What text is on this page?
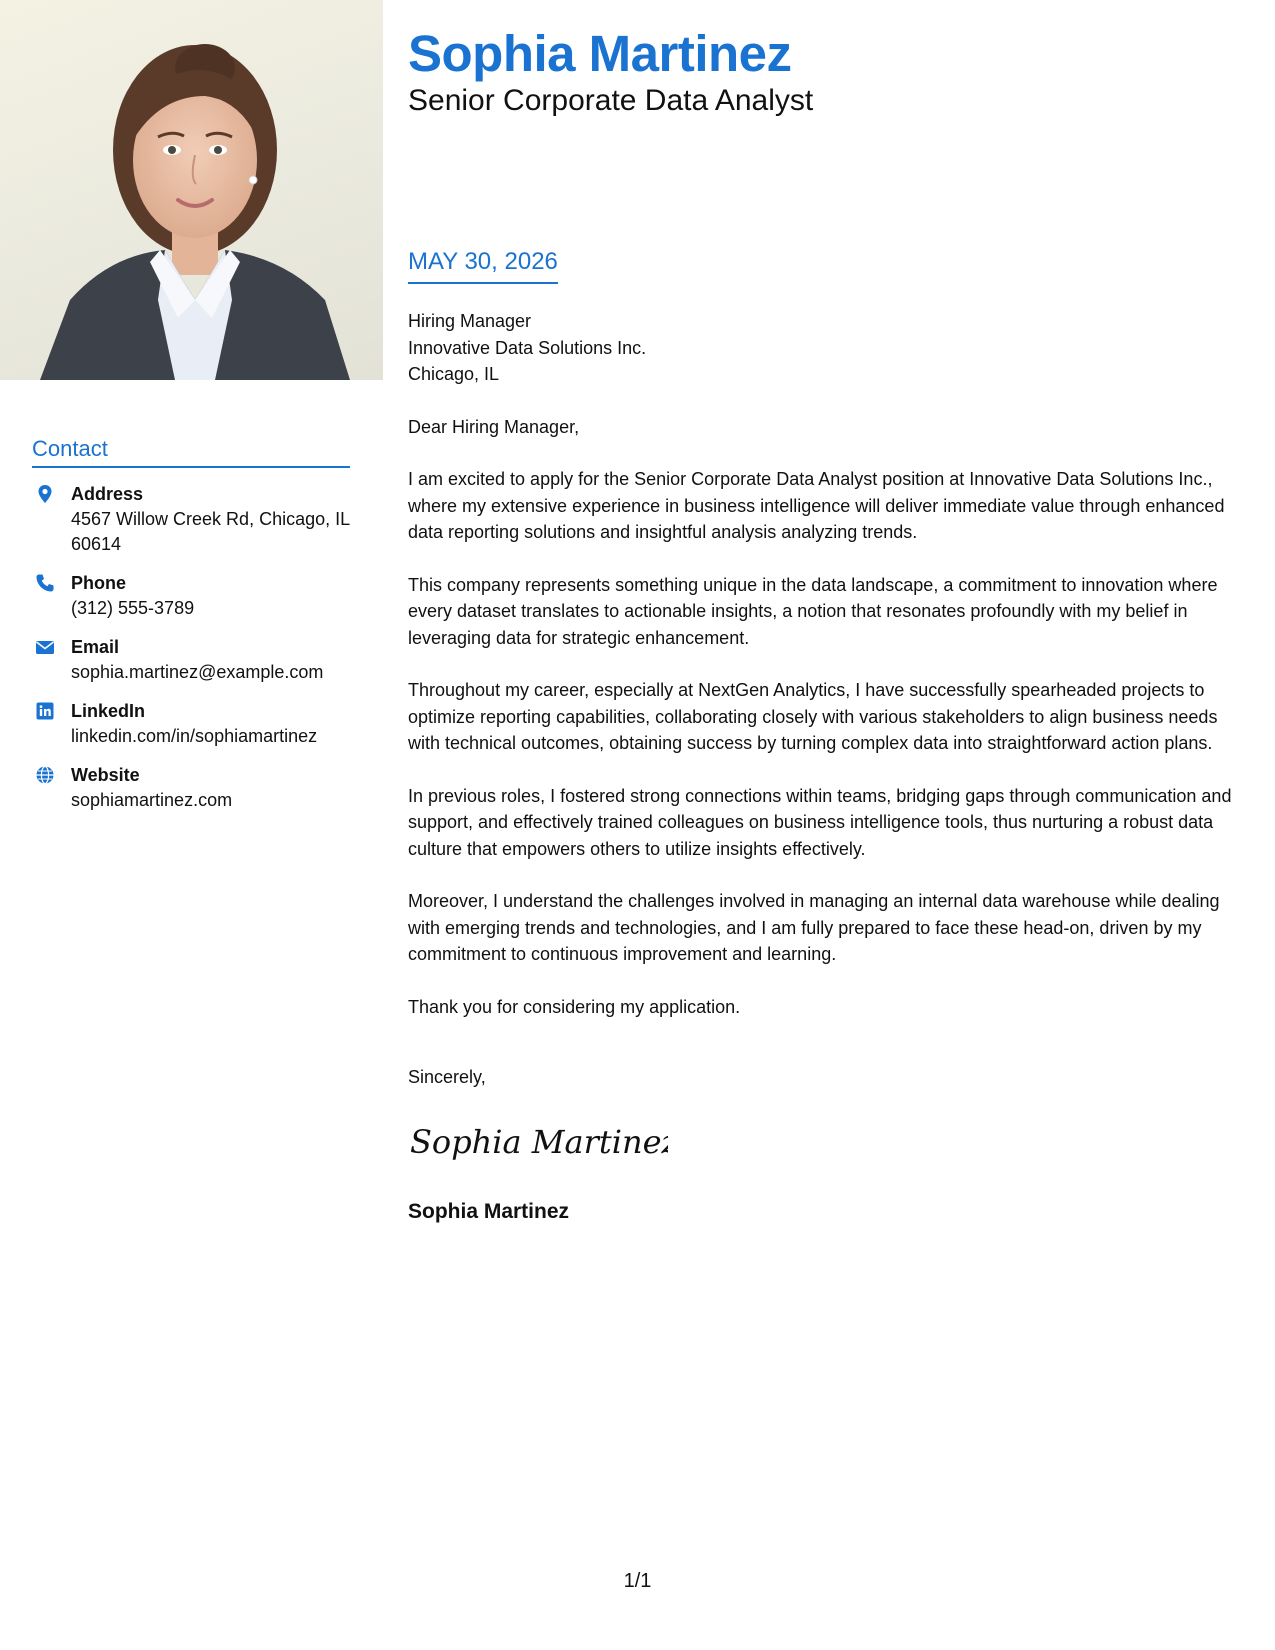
Contact
Address
4567 Willow Creek Rd, Chicago, IL 60614
Phone
(312) 555-3789
Email
sophia.martinez@example.com
LinkedIn
linkedin.com/in/sophiamartinez
Website
sophiamartinez.com
Sophia Martinez
Senior Corporate Data Analyst
MAY 30, 2026
Hiring Manager
Innovative Data Solutions Inc.
Chicago, IL

Dear Hiring Manager,

I am excited to apply for the Senior Corporate Data Analyst position at Innovative Data Solutions Inc., where my extensive experience in business intelligence will deliver immediate value through enhanced data reporting solutions and insightful analysis analyzing trends.

This company represents something unique in the data landscape, a commitment to innovation where every dataset translates to actionable insights, a notion that resonates profoundly with my belief in leveraging data for strategic enhancement.

Throughout my career, especially at NextGen Analytics, I have successfully spearheaded projects to optimize reporting capabilities, collaborating closely with various stakeholders to align business needs with technical outcomes, obtaining success by turning complex data into straightforward action plans.

In previous roles, I fostered strong connections within teams, bridging gaps through communication and support, and effectively trained colleagues on business intelligence tools, thus nurturing a robust data culture that empowers others to utilize insights effectively.

Moreover, I understand the challenges involved in managing an internal data warehouse while dealing with emerging trends and technologies, and I am fully prepared to face these head-on, driven by my commitment to continuous improvement and learning.

Thank you for considering my application.

Sincerely,
Sophia Martinez
Sophia Martinez
1/1
